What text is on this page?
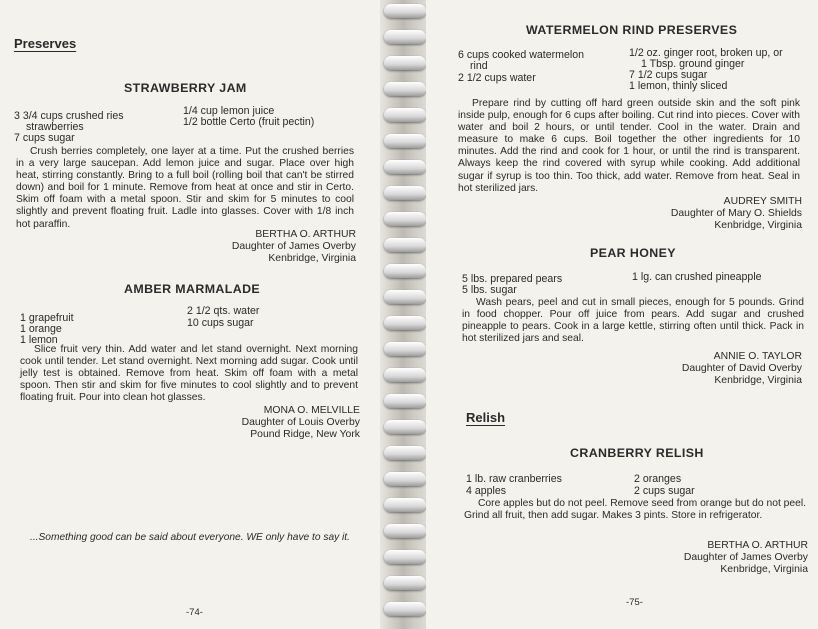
Preserves
STRAWBERRY JAM
3 3/4 cups crushed ries
strawberries
7 cups sugar
1/4 cup lemon juice
1/2 bottle Certo (fruit pectin)
Crush berries completely, one layer at a time. Put the crushed berries in a very large saucepan. Add lemon juice and sugar. Place over high heat, stirring constantly. Bring to a full boil (rolling boil that can't be stirred down) and boil for 1 minute. Remove from heat at once and stir in Certo. Skim off foam with a metal spoon. Stir and skim for 5 minutes to cool slightly and prevent floating fruit. Ladle into glasses. Cover with 1/8 inch hot paraffin.
BERTHA O. ARTHUR
Daughter of James Overby
Kenbridge, Virginia
AMBER MARMALADE
1 grapefruit
1 orange
1 lemon
2 1/2 qts. water
10 cups sugar
Slice fruit very thin. Add water and let stand overnight. Next morning cook until tender. Let stand overnight. Next morning add sugar. Cook until jelly test is obtained. Remove from heat. Skim off foam with a metal spoon. Then stir and skim for five minutes to cool slightly and to prevent floating fruit. Pour into clean hot glasses.
MONA O. MELVILLE
Daughter of Louis Overby
Pound Ridge, New York
...Something good can be said about everyone. WE only have to say it.
-74-
WATERMELON RIND PRESERVES
6 cups cooked watermelon
rind
2 1/2 cups water
1/2 oz. ginger root, broken up, or
1 Tbsp. ground ginger
7 1/2 cups sugar
1 lemon, thinly sliced
Prepare rind by cutting off hard green outside skin and the soft pink inside pulp, enough for 6 cups after boiling. Cut rind into pieces. Cover with water and boil 2 hours, or until tender. Cool in the water. Drain and measure to make 6 cups. Boil together the other ingredients for 10 minutes. Add the rind and cook for 1 hour, or until the rind is transparent. Always keep the rind covered with syrup while cooking. Add additional sugar if syrup is too thin. Too thick, add water. Remove from heat. Seal in hot sterilized jars.
AUDREY SMITH
Daughter of Mary O. Shields
Kenbridge, Virginia
PEAR HONEY
5 lbs. prepared pears
5 lbs. sugar
1 lg. can crushed pineapple
Wash pears, peel and cut in small pieces, enough for 5 pounds. Grind in food chopper. Pour off juice from pears. Add sugar and crushed pineapple to pears. Cook in a large kettle, stirring often until thick. Pack in hot sterilized jars and seal.
ANNIE O. TAYLOR
Daughter of David Overby
Kenbridge, Virginia
Relish
CRANBERRY RELISH
1 lb. raw cranberries
4 apples
2 oranges
2 cups sugar
Core apples but do not peel. Remove seed from orange but do not peel. Grind all fruit, then add sugar. Makes 3 pints. Store in refrigerator.
BERTHA O. ARTHUR
Daughter of James Overby
Kenbridge, Virginia
-75-
